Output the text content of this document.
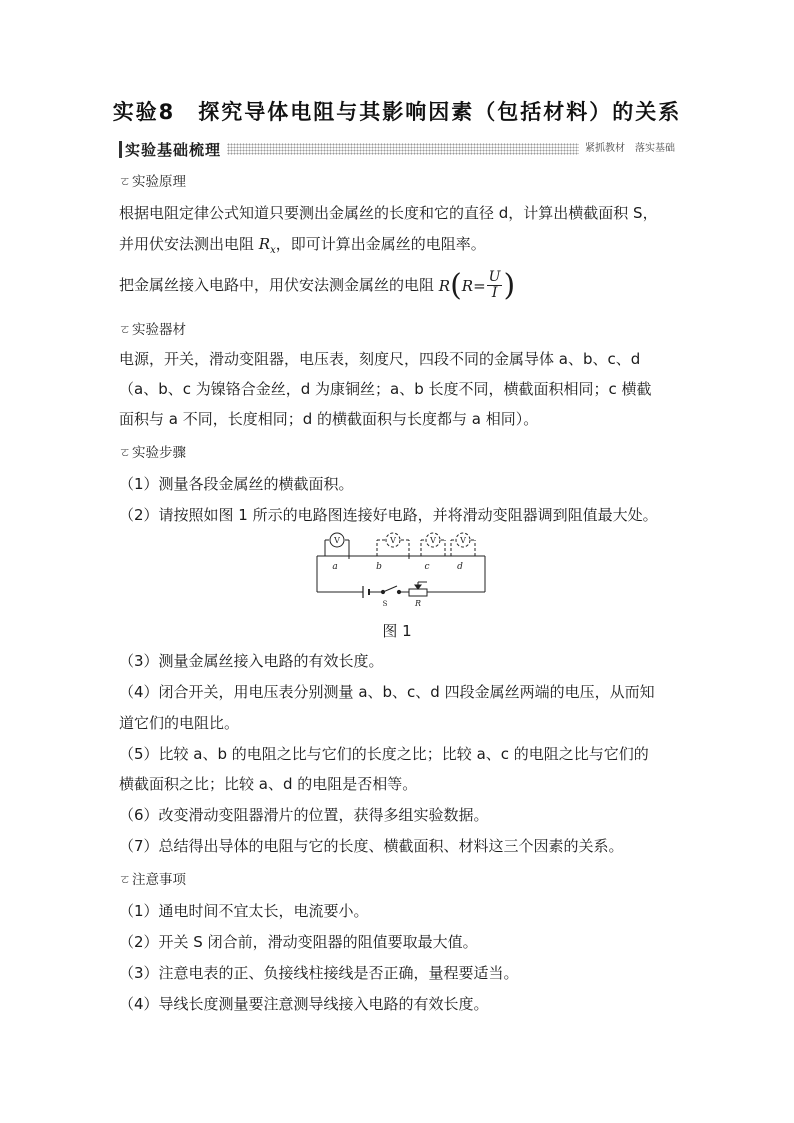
实验8　探究导体电阻与其影响因素（包括材料）的关系
实验基础梳理	紧抓教材　落实基础
ㄛ 实验原理
根据电阻定律公式知道只要测出金属丝的长度和它的直径 d，计算出横截面积 S，
并用伏安法测出电阻 $R_x$，即可计算出金属丝的电阻率。
把金属丝接入电路中，用伏安法测金属丝的电阻 R ( $R= \frac{U}{I}$ )
ㄛ 实验器材
电源，开关，滑动变阻器，电压表，刻度尺，四段不同的金属导体 a、b、c、d
（a、b、c 为镍铬合金丝，d 为康铜丝；a、b 长度不同，横截面积相同；c 横截
面积与 a 不同，长度相同；d 的横截面积与长度都与 a 相同）。
ㄛ 实验步骤
（1）测量各段金属丝的横截面积。
（2）请按照如图 1 所示的电路图连接好电路，并将滑动变阻器调到阻值最大处。
V	V	V	V
a	b	c	d
S	R
图 1
（3）测量金属丝接入电路的有效长度。
（4）闭合开关，用电压表分别测量 a、b、c、d 四段金属丝两端的电压，从而知
道它们的电阻比。
（5）比较 a、b 的电阻之比与它们的长度之比；比较 a、c 的电阻之比与它们的
横截面积之比；比较 a、d 的电阻是否相等。
（6）改变滑动变阻器滑片的位置，获得多组实验数据。
（7）总结得出导体的电阻与它的长度、横截面积、材料这三个因素的关系。
ㄛ 注意事项
（1）通电时间不宜太长，电流要小。
（2）开关 S 闭合前，滑动变阻器的阻值要取最大值。
（3）注意电表的正、负接线柱接线是否正确，量程要适当。
（4）导线长度测量要注意测导线接入电路的有效长度。
